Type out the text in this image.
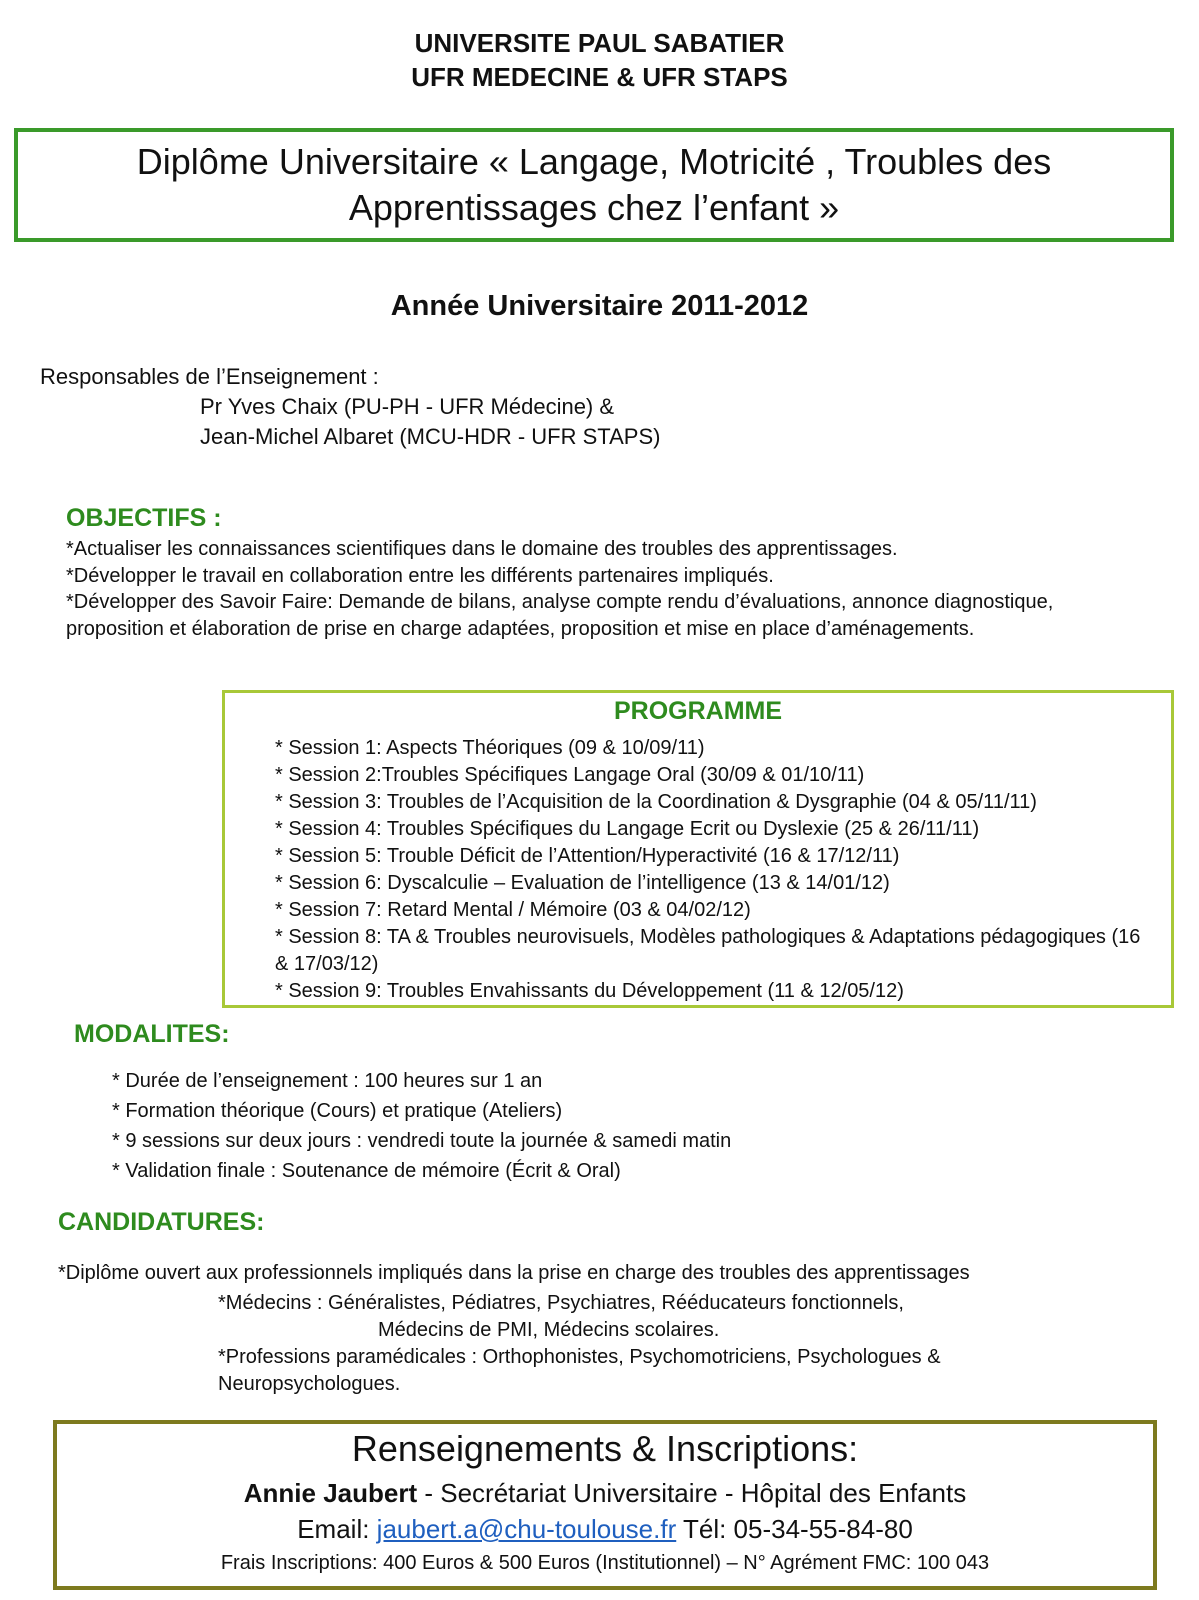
UNIVERSITE PAUL SABATIER
UFR MEDECINE & UFR STAPS
Diplôme Universitaire « Langage, Motricité , Troubles des
Apprentissages chez l’enfant »
Année Universitaire 2011-2012
Responsables de l’Enseignement :
Pr Yves Chaix (PU-PH - UFR Médecine) &
Jean-Michel Albaret (MCU-HDR - UFR STAPS)
OBJECTIFS :
*Actualiser les connaissances scientifiques dans le domaine des troubles des apprentissages.
*Développer le travail en collaboration entre les différents partenaires impliqués.
*Développer des Savoir Faire: Demande de bilans, analyse compte rendu d’évaluations, annonce diagnostique, proposition et élaboration de prise en charge adaptées, proposition et mise en place d’aménagements.
PROGRAMME
* Session 1: Aspects Théoriques (09 & 10/09/11)
* Session 2:Troubles Spécifiques Langage Oral (30/09 & 01/10/11)
* Session 3: Troubles de l’Acquisition de la Coordination & Dysgraphie (04 & 05/11/11)
* Session 4: Troubles Spécifiques du Langage Ecrit ou Dyslexie (25 & 26/11/11)
* Session 5: Trouble Déficit de l’Attention/Hyperactivité (16 & 17/12/11)
* Session 6: Dyscalculie – Evaluation de l’intelligence (13 & 14/01/12)
* Session 7: Retard Mental / Mémoire (03 & 04/02/12)
* Session 8: TA & Troubles neurovisuels, Modèles pathologiques & Adaptations pédagogiques (16 & 17/03/12)
* Session 9: Troubles Envahissants du Développement (11 & 12/05/12)
MODALITES:
* Durée de l’enseignement : 100 heures sur 1 an
* Formation théorique (Cours) et pratique (Ateliers)
* 9 sessions sur deux jours : vendredi toute la journée & samedi matin
* Validation finale : Soutenance de mémoire (Écrit & Oral)
CANDIDATURES:
*Diplôme ouvert aux professionnels impliqués dans la prise en charge des troubles des apprentissages
*Médecins : Généralistes, Pédiatres, Psychiatres, Rééducateurs fonctionnels,
Médecins de PMI, Médecins scolaires.
*Professions paramédicales : Orthophonistes, Psychomotriciens, Psychologues & Neuropsychologues.
Renseignements & Inscriptions:
Annie Jaubert - Secrétariat Universitaire - Hôpital des Enfants
Email: jaubert.a@chu-toulouse.fr Tél: 05-34-55-84-80
Frais Inscriptions: 400 Euros & 500 Euros (Institutionnel) – N° Agrément FMC: 100 043
